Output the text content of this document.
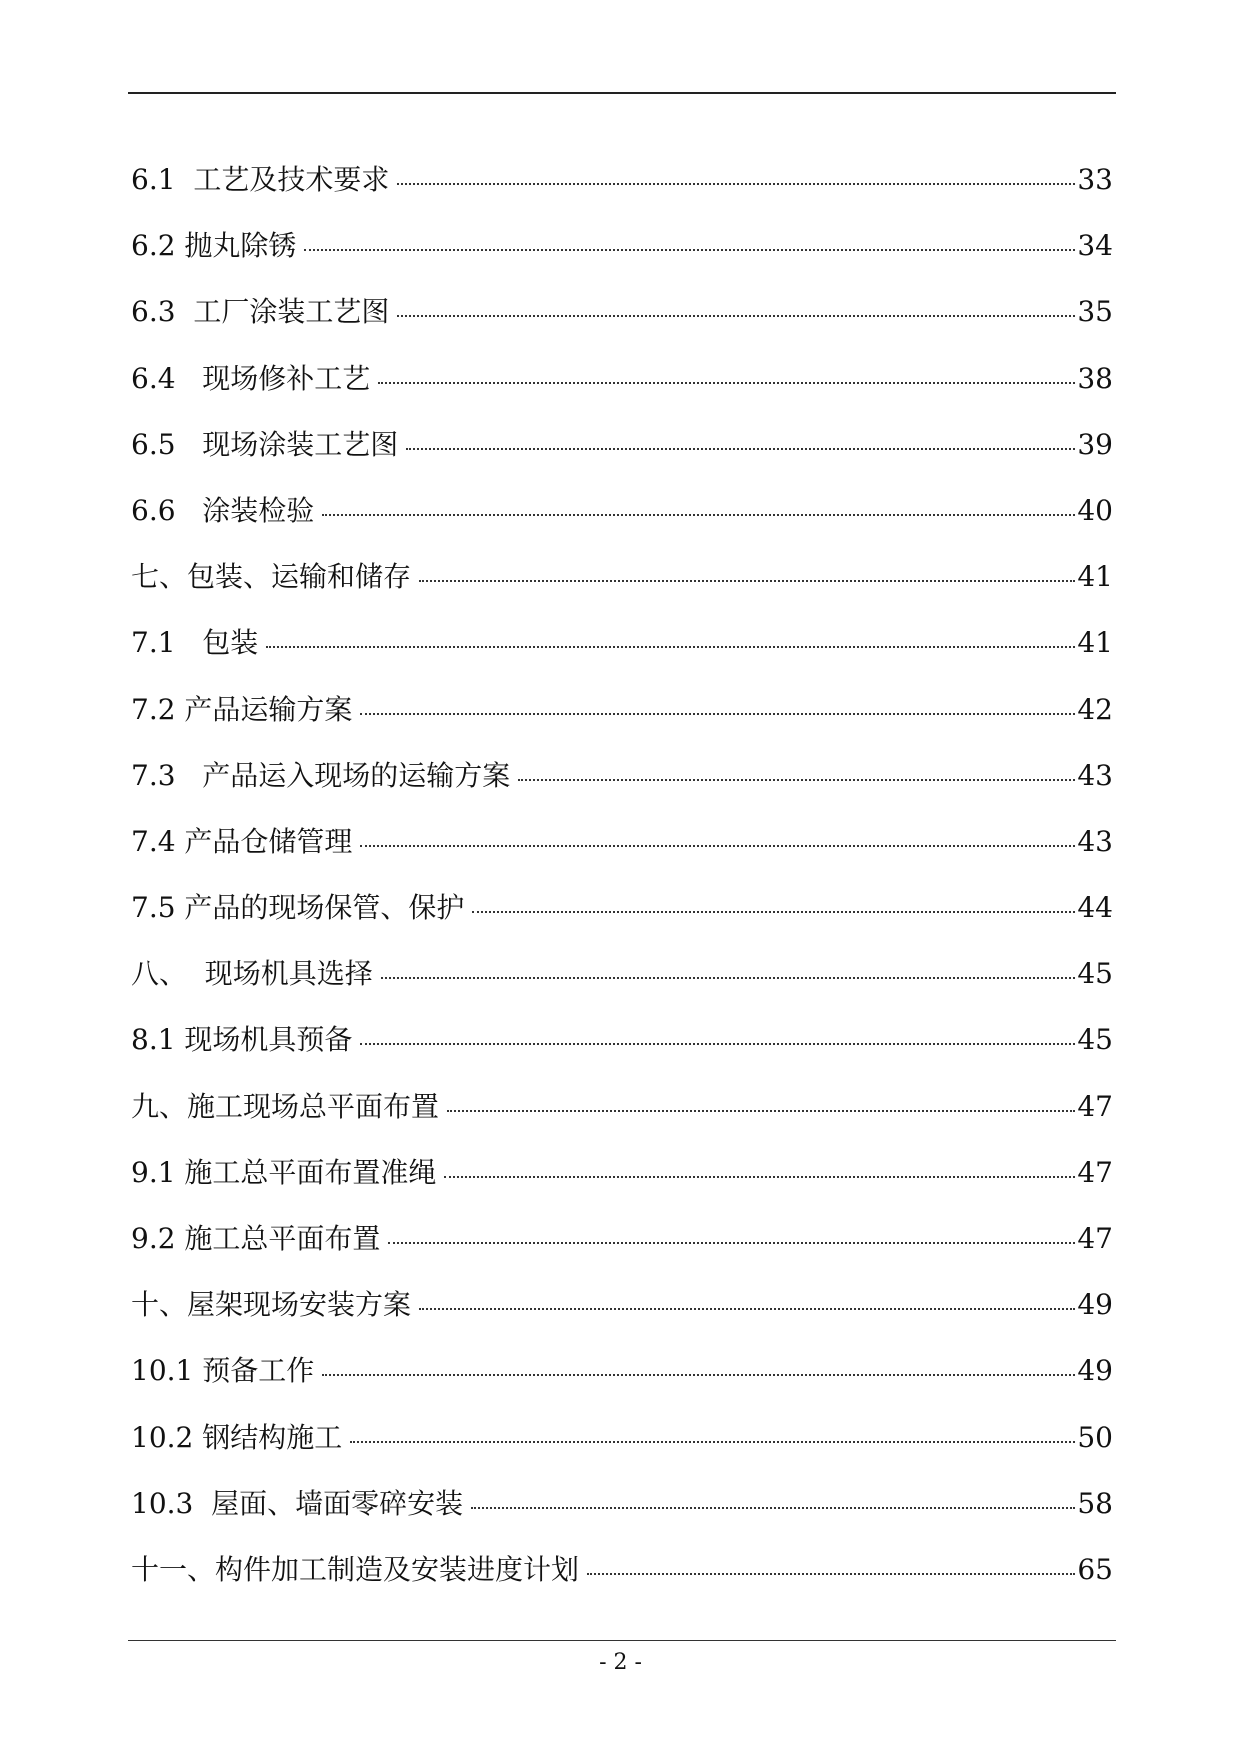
6.1  工艺及技术要求	33
6.2 抛丸除锈	34
6.3  工厂涂装工艺图	35
6.4   现场修补工艺	38
6.5   现场涂装工艺图	39
6.6   涂装检验	40
七、包装、运输和储存	41
7.1   包装	41
7.2 产品运输方案	42
7.3   产品运入现场的运输方案	43
7.4 产品仓储管理	43
7.5 产品的现场保管、保护	44
八、  现场机具选择	45
8.1 现场机具预备	45
九、施工现场总平面布置	47
9.1 施工总平面布置准绳	47
9.2 施工总平面布置	47
十、屋架现场安装方案	49
10.1 预备工作	49
10.2 钢结构施工	50
10.3  屋面、墙面零碎安装	58
十一、构件加工制造及安装进度计划	65
- 2 -
